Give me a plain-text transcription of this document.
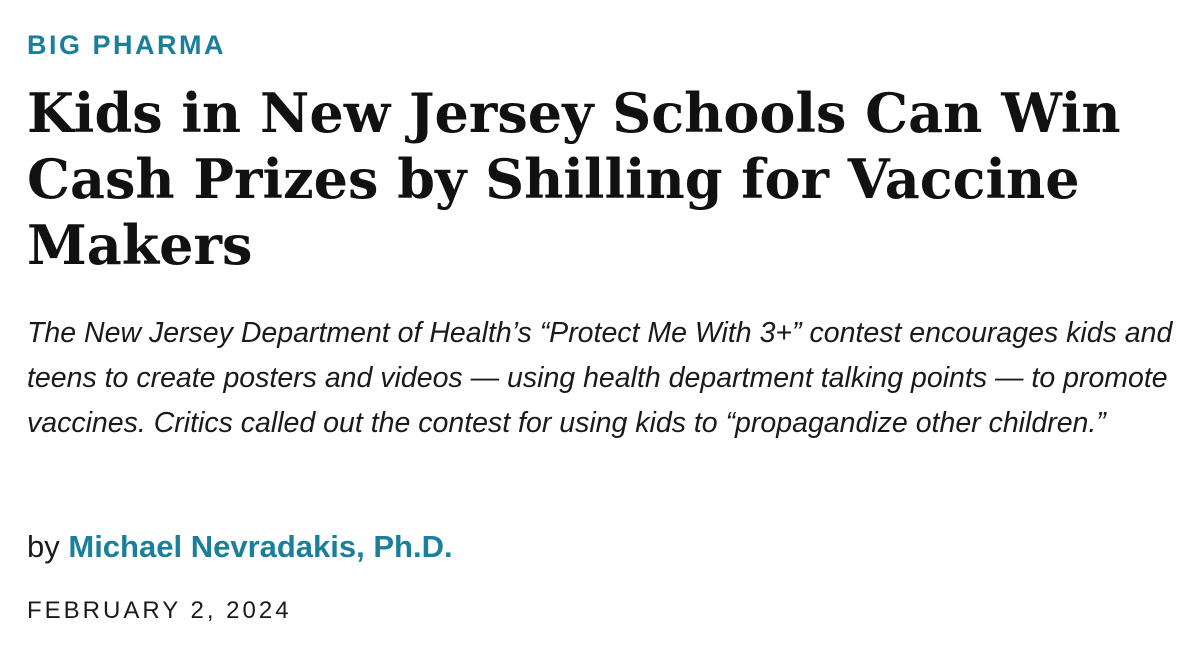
BIG PHARMA
Kids in New Jersey Schools Can Win Cash Prizes by Shilling for Vaccine Makers

The New Jersey Department of Health’s “Protect Me With 3+” contest encourages kids and teens to create posters and videos — using health department talking points — to promote vaccines. Critics called out the contest for using kids to “propagandize other children.”

by Michael Nevradakis, Ph.D.
FEBRUARY 2, 2024
